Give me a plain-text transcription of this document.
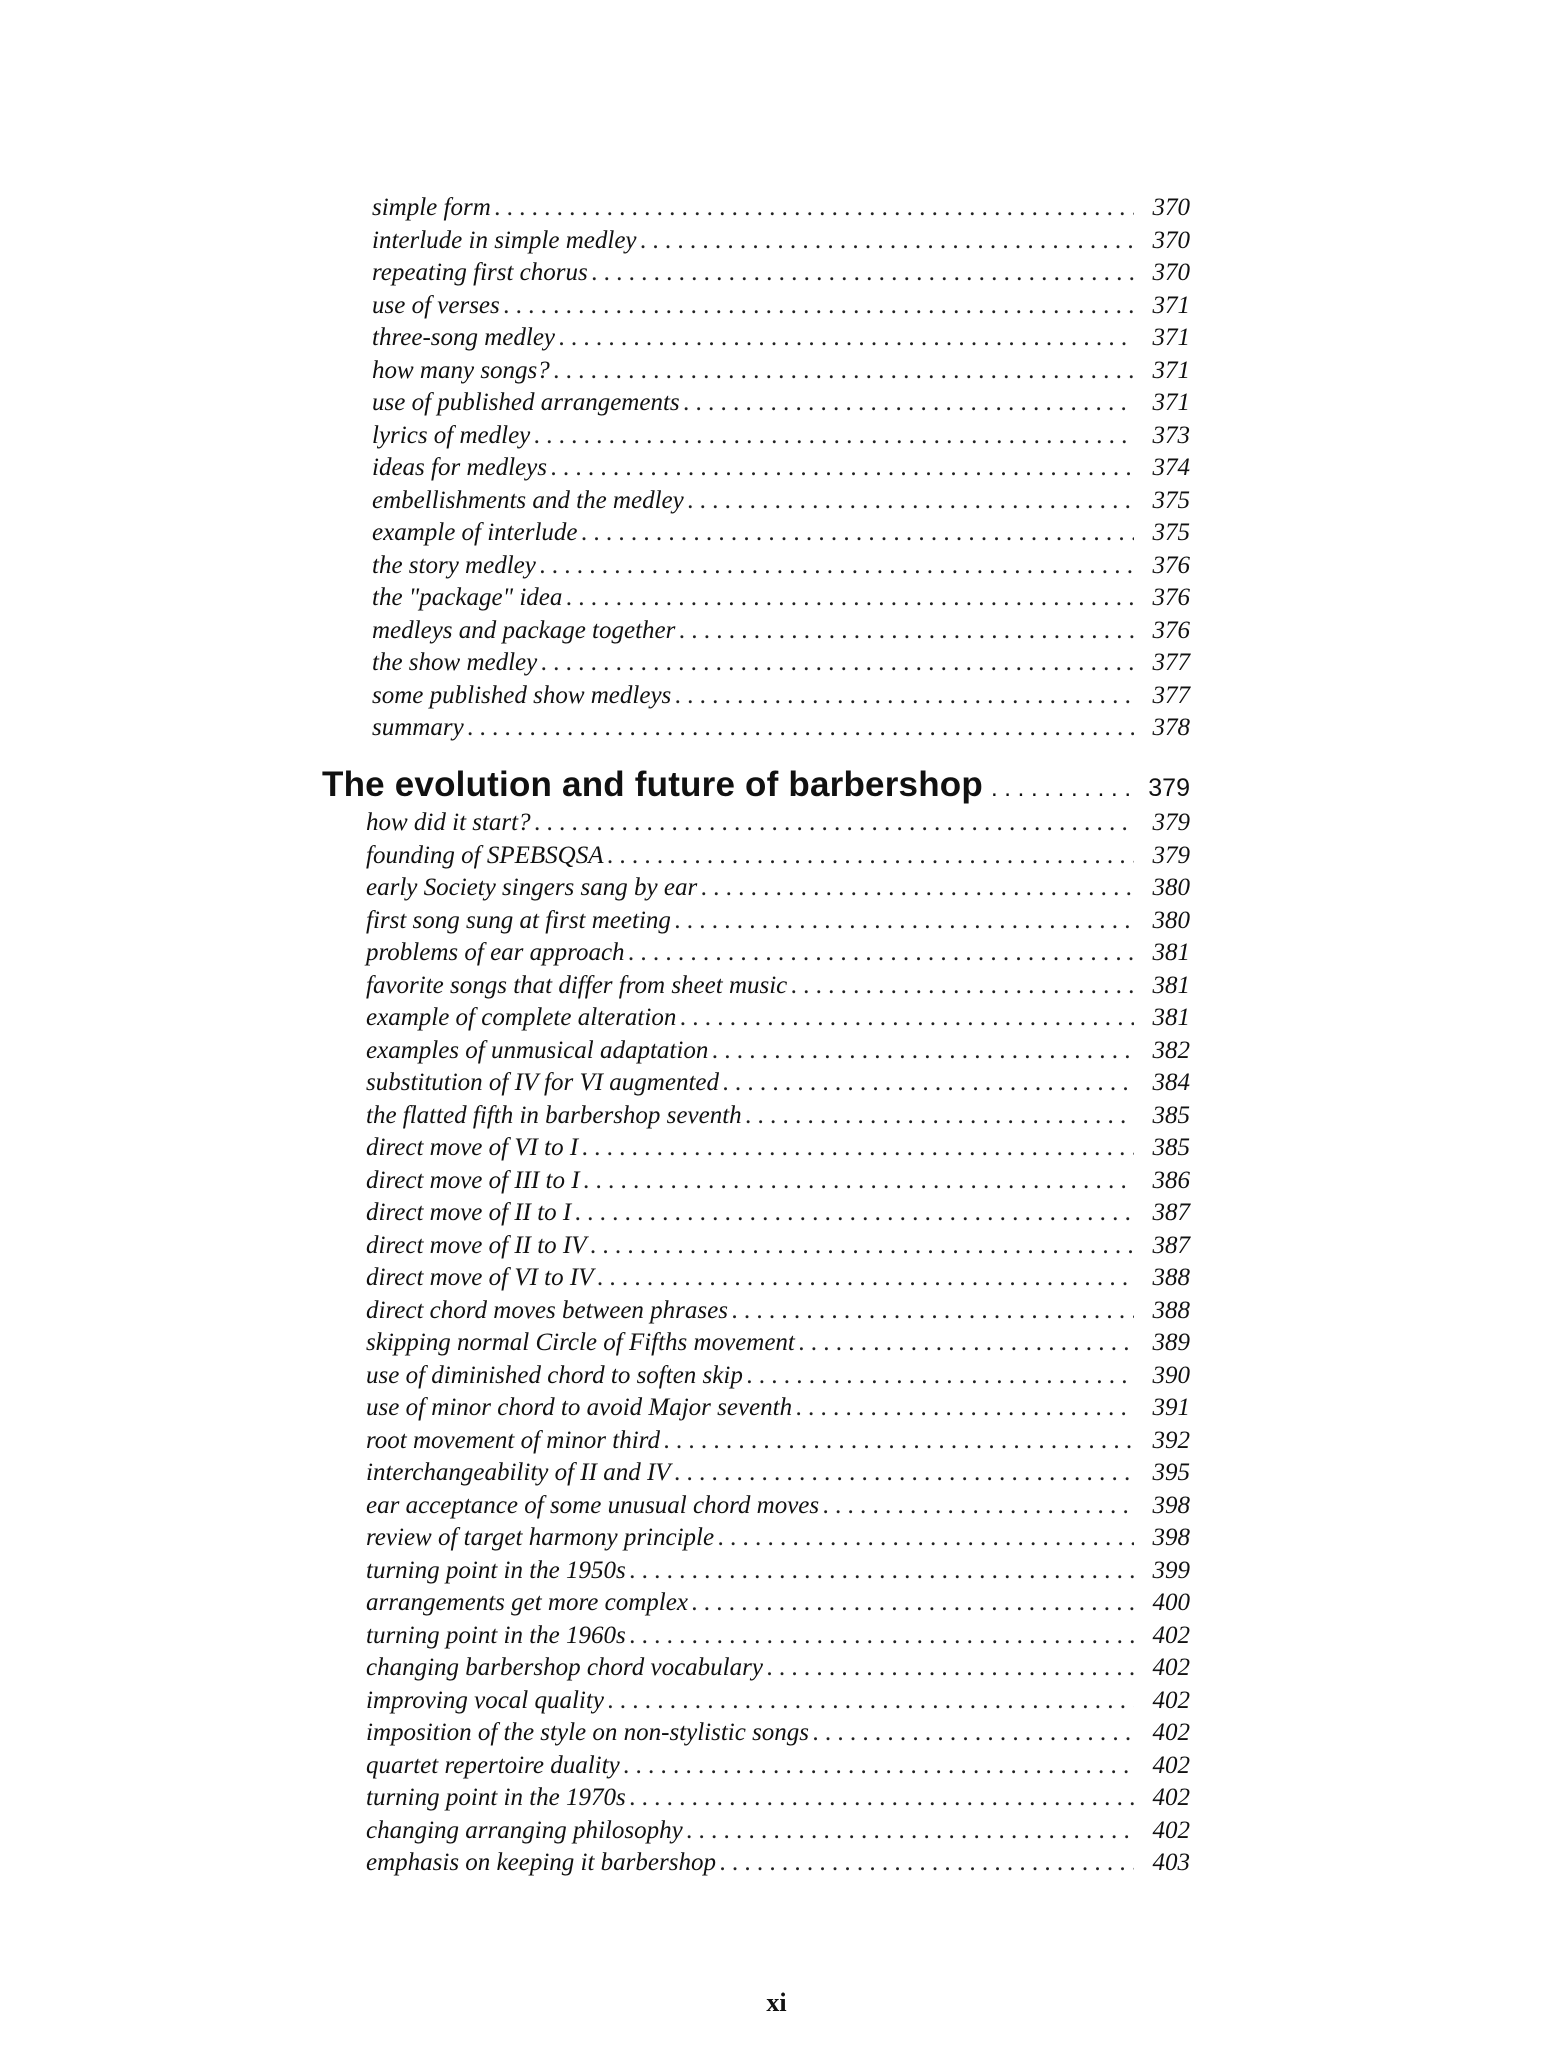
simple form . . .	370
interlude in simple medley . . .	370
repeating first chorus . . .	370
use of verses . . .	371
three-song medley . . .	371
how many songs? . . .	371
use of published arrangements . . .	371
lyrics of medley . . .	373
ideas for medleys . . .	374
embellishments and the medley . . .	375
example of interlude . . .	375
the story medley . . .	376
the "package" idea . . .	376
medleys and package together . . .	376
the show medley . . .	377
some published show medleys . . .	377
summary . . .	378
The evolution and future of barbershop . . .	379
how did it start? . . .	379
founding of SPEBSQSA . . .	379
early Society singers sang by ear . . .	380
first song sung at first meeting . . .	380
problems of ear approach . . .	381
favorite songs that differ from sheet music . . .	381
example of complete alteration . . .	381
examples of unmusical adaptation . . .	382
substitution of IV for VI augmented . . .	384
the flatted fifth in barbershop seventh . . .	385
direct move of VI to I . . .	385
direct move of III to I . . .	386
direct move of II to I . . .	387
direct move of II to IV . . .	387
direct move of VI to IV . . .	388
direct chord moves between phrases . . .	388
skipping normal Circle of Fifths movement . . .	389
use of diminished chord to soften skip . . .	390
use of minor chord to avoid Major seventh . . .	391
root movement of minor third . . .	392
interchangeability of II and IV . . .	395
ear acceptance of some unusual chord moves . . .	398
review of target harmony principle . . .	398
turning point in the 1950s . . .	399
arrangements get more complex . . .	400
turning point in the 1960s . . .	402
changing barbershop chord vocabulary . . .	402
improving vocal quality . . .	402
imposition of the style on non-stylistic songs . . .	402
quartet repertoire duality . . .	402
turning point in the 1970s . . .	402
changing arranging philosophy . . .	402
emphasis on keeping it barbershop . . .	403
xi
